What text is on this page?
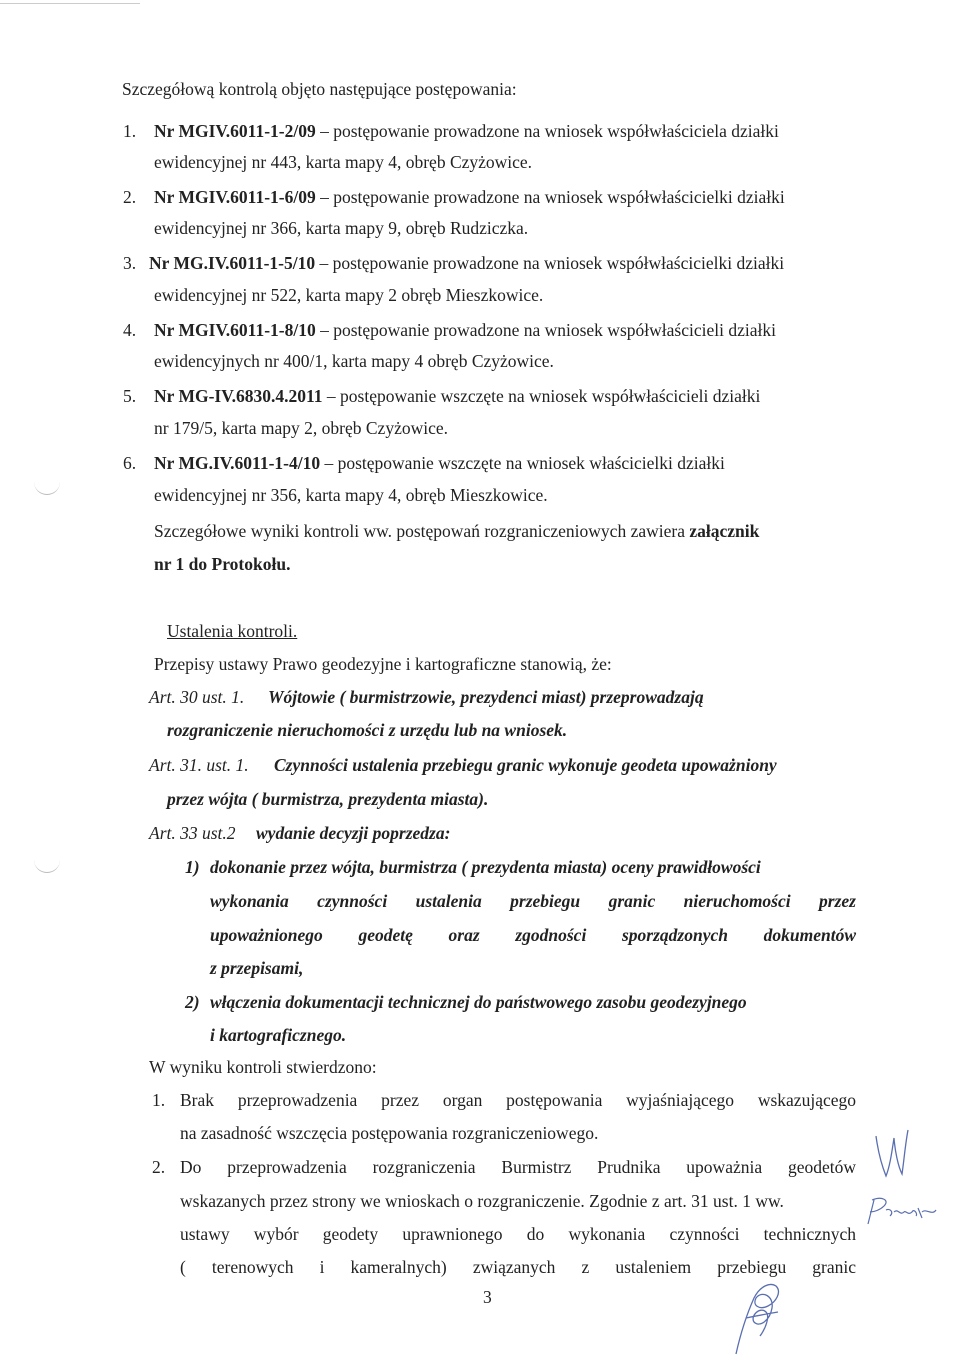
Szczegółową kontrolą objęto następujące postępowania:
1. Nr MGIV.6011-1-2/09 – postępowanie prowadzone na wniosek współwłaściciela działki
ewidencyjnej nr 443, karta mapy 4, obręb Czyżowice.
2. Nr MGIV.6011-1-6/09 – postępowanie prowadzone na wniosek współwłaścicielki działki
ewidencyjnej nr 366, karta mapy 9, obręb Rudziczka.
3. Nr MG.IV.6011-1-5/10 – postępowanie prowadzone na wniosek współwłaścicielki działki
ewidencyjnej nr 522, karta mapy 2 obręb Mieszkowice.
4. Nr MGIV.6011-1-8/10 – postępowanie prowadzone na wniosek współwłaścicieli działki
ewidencyjnych nr 400/1, karta mapy 4 obręb Czyżowice.
5. Nr MG-IV.6830.4.2011 – postępowanie wszczęte na wniosek współwłaścicieli działki
nr 179/5, karta mapy 2, obręb Czyżowice.
6. Nr MG.IV.6011-1-4/10 – postępowanie wszczęte na wniosek właścicielki działki
ewidencyjnej nr 356, karta mapy 4, obręb Mieszkowice.
Szczegółowe wyniki kontroli ww. postępowań rozgraniczeniowych zawiera załącznik
nr 1 do Protokołu.
Ustalenia kontroli.
Przepisy ustawy Prawo geodezyjne i kartograficzne stanowią, że:
Art. 30 ust. 1. Wójtowie ( burmistrzowie, prezydenci miast) przeprowadzają
rozgraniczenie nieruchomości z urzędu lub na wniosek.
Art. 31. ust. 1. Czynności ustalenia przebiegu granic wykonuje geodeta upoważniony
przez wójta ( burmistrza, prezydenta miasta).
Art. 33 ust.2 wydanie decyzji poprzedza:
1) dokonanie przez wójta, burmistrza ( prezydenta miasta) oceny prawidłowości
wykonania czynności ustalenia przebiegu granic nieruchomości przez
upoważnionego geodetę oraz zgodności sporządzonych dokumentów
z przepisami,
2) włączenia dokumentacji technicznej do państwowego zasobu geodezyjnego
i kartograficznego.
W wyniku kontroli stwierdzono:
1. Brak przeprowadzenia przez organ postępowania wyjaśniającego wskazującego
na zasadność wszczęcia postępowania rozgraniczeniowego.
2. Do przeprowadzenia rozgraniczenia Burmistrz Prudnika upoważnia geodetów
wskazanych przez strony we wnioskach o rozgraniczenie. Zgodnie z art. 31 ust. 1 ww.
ustawy wybór geodety uprawnionego do wykonania czynności technicznych
( terenowych i kameralnych) związanych z ustaleniem przebiegu granic
3
